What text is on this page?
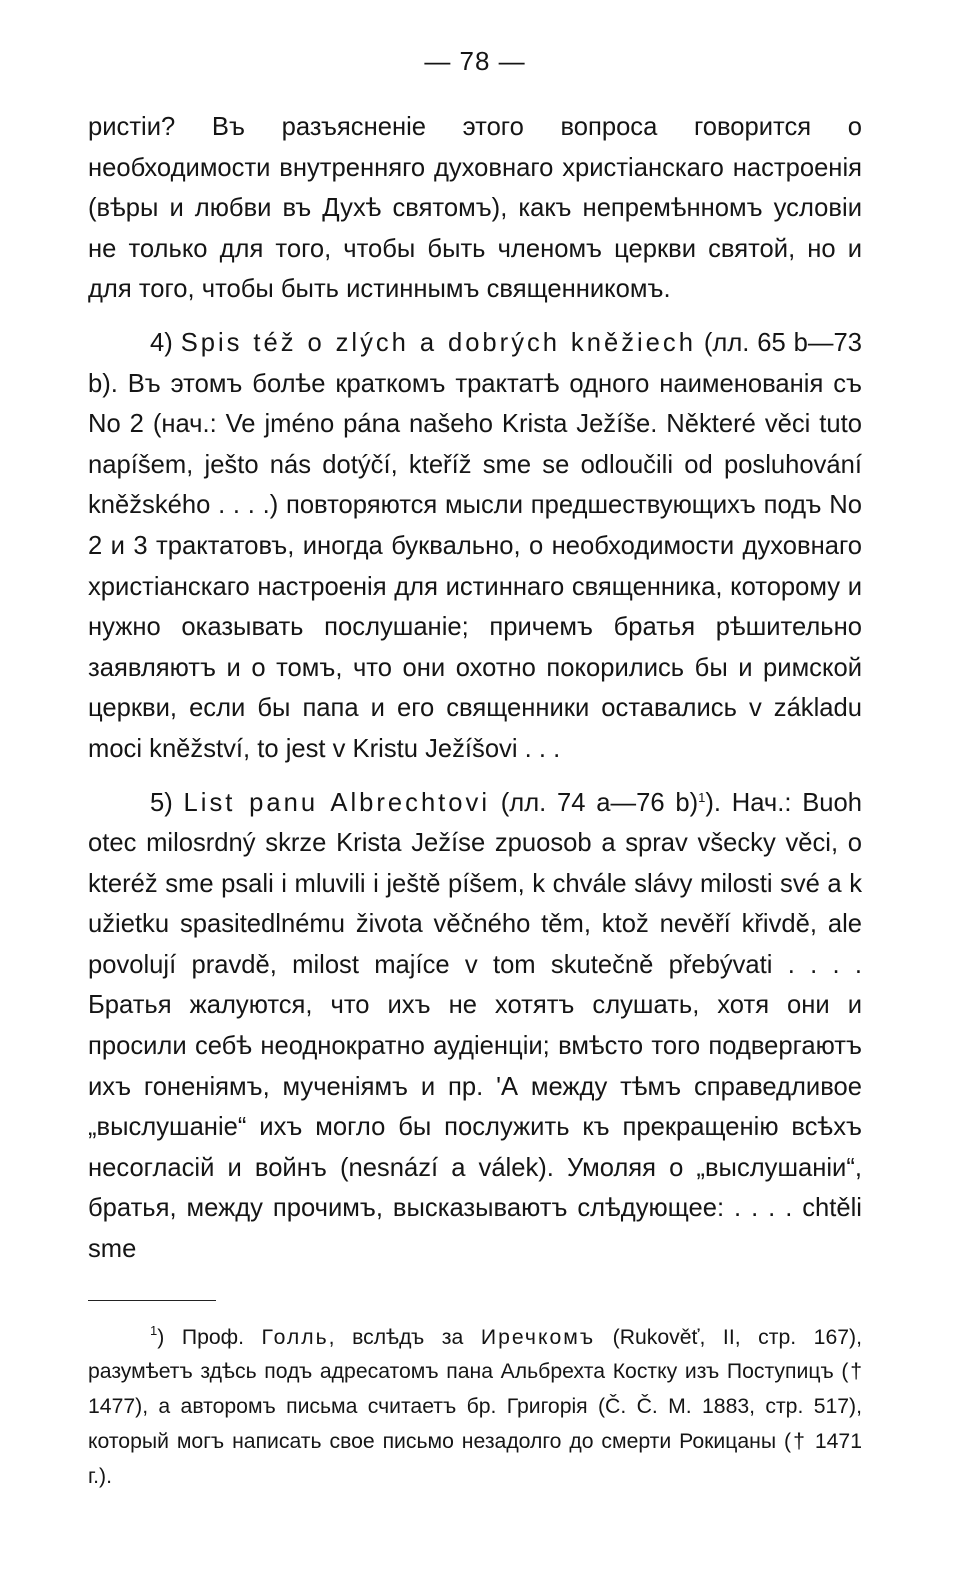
— 78 —

ристіи? Въ разъясненіе этого вопроса говорится о необходимости внутренняго духовнаго христіанскаго настроенія (вѣры и любви въ Духѣ святомъ), какъ непремѣнномъ условіи не только для того, чтобы быть членомъ церкви святой, но и для того, чтобы быть истиннымъ священникомъ.

4) Spis též o zlých a dobrých kněžiech (лл. 65 b—73 b). Въ этомъ болѣе краткомъ трактатѣ одного наименованія съ No 2 (нач.: Ve jméno pána našeho Krista Ježíše. Některé věci tuto napíšem, ješto nás dotýčí, kteříž sme se odloučili od posluhování kněžského . . . .) повторяются мысли предшествующихъ подъ No 2 и 3 трактатовъ, иногда буквально, о необходимости духовнаго христіанскаго настроенія для истиннаго священника, которому и нужно оказывать послушаніе; причемъ братья рѣшительно заявляютъ и о томъ, что они охотно покорились бы и римской церкви, если бы папа и его священники оставались v základu moci kněžství, to jest v Kristu Ježíšovi . . .

5) List panu Albrechtovi (лл. 74 a—76 b)$^1$). Нач.: Buoh otec milosrdný skrze Krista Ježíse zpuosob a sprav všecky věci, o kteréž sme psali i mluvili i ještě píšem, k chvále slávy milosti své a k užietku spasitedlnému života věčného těm, ktož nevěří křivdě, ale povolují pravdě, milost majíce v tom skutečně přebývati . . . . Братья жалуются, что ихъ не хотятъ слушать, хотя они и просили себѣ неоднократно аудіенціи; вмѣсто того подвергаютъ ихъ гоненіямъ, мученіямъ и пр. 'А между тѣмъ справедливое „выслушаніе“ ихъ могло бы послужить къ прекращенію всѣхъ несогласій и войнъ (nesnází a válek). Умоляя о „выслушаніи“, братья, между прочимъ, высказываютъ слѣдующее: . . . . chtěli sme

$^1$) Проф. Голль, вслѣдъ за Иречкомъ (Rukověť, II, стр. 167), разумѣетъ здѣсь подъ адресатомъ пана Альбрехта Костку изъ Поступицъ († 1477), а авторомъ письма считаетъ бр. Григорія (Č. Č. M. 1883, стр. 517), который могъ написать свое письмо незадолго до смерти Рокицаны († 1471 г.).
